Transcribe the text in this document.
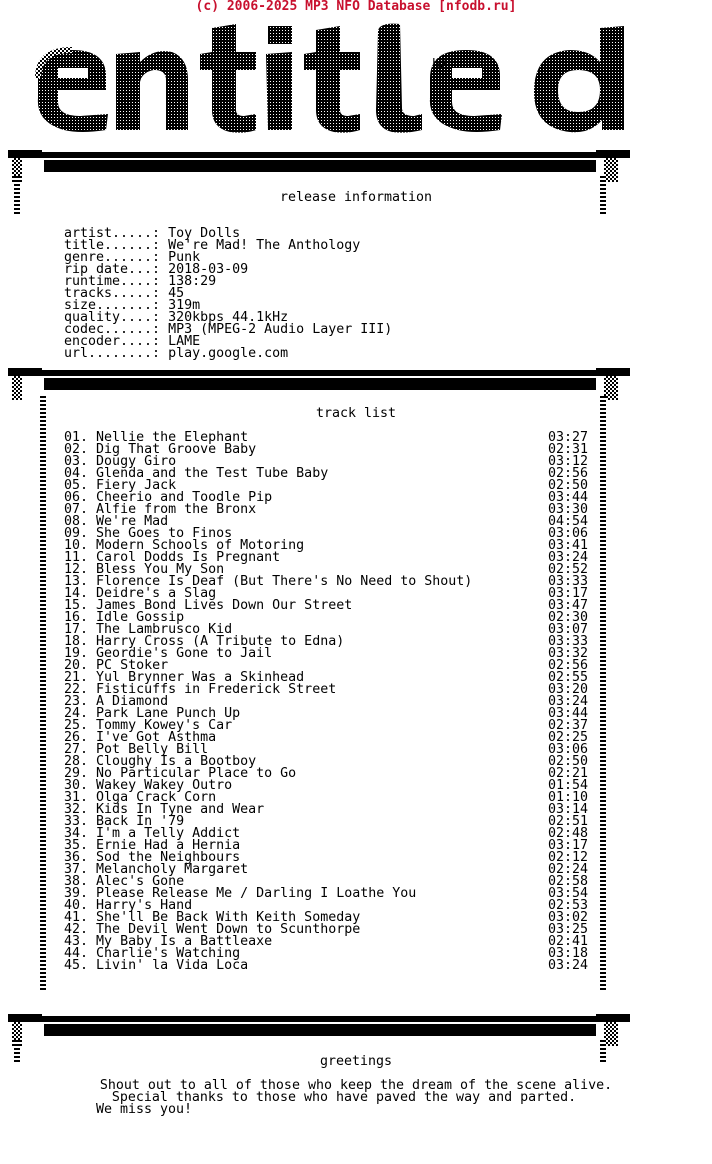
(c) 2006-2025 MP3 NFO Database [nfodb.ru]
hX!
release information
artist.....: Toy Dolls
title......: We're Mad! The Anthology
genre......: Punk
rip date...: 2018-03-09
runtime....: 138:29
tracks.....: 45
size.......: 319m
quality....: 320kbps 44.1kHz
codec......: MP3 (MPEG-2 Audio Layer III)
encoder....: LAME
url........: play.google.com
track list
01. Nellie the Elephant	03:27
02. Dig That Groove Baby	02:31
03. Dougy Giro	03:12
04. Glenda and the Test Tube Baby	02:56
05. Fiery Jack	02:50
06. Cheerio and Toodle Pip	03:44
07. Alfie from the Bronx	03:30
08. We're Mad	04:54
09. She Goes to Finos	03:06
10. Modern Schools of Motoring	03:41
11. Carol Dodds Is Pregnant	03:24
12. Bless You My Son	02:52
13. Florence Is Deaf (But There's No Need to Shout)	03:33
14. Deidre's a Slag	03:17
15. James Bond Lives Down Our Street	03:47
16. Idle Gossip	02:30
17. The Lambrusco Kid	03:07
18. Harry Cross (A Tribute to Edna)	03:33
19. Geordie's Gone to Jail	03:32
20. PC Stoker	02:56
21. Yul Brynner Was a Skinhead	02:55
22. Fisticuffs in Frederick Street	03:20
23. A Diamond	03:24
24. Park Lane Punch Up	03:44
25. Tommy Kowey's Car	02:37
26. I've Got Asthma	02:25
27. Pot Belly Bill	03:06
28. Cloughy Is a Bootboy	02:50
29. No Particular Place to Go	02:21
30. Wakey Wakey Outro	01:54
31. Olga Crack Corn	01:10
32. Kids In Tyne and Wear	03:14
33. Back In '79	02:51
34. I'm a Telly Addict	02:48
35. Ernie Had a Hernia	03:17
36. Sod the Neighbours	02:12
37. Melancholy Margaret	02:24
38. Alec's Gone	02:58
39. Please Release Me / Darling I Loathe You	03:54
40. Harry's Hand	02:53
41. She'll Be Back With Keith Someday	03:02
42. The Devil Went Down to Scunthorpe	03:25
43. My Baby Is a Battleaxe	02:41
44. Charlie's Watching	03:18
45. Livin' la Vida Loca	03:24
greetings
Shout out to all of those who keep the dream of the scene alive.
Special thanks to those who have paved the way and parted.
We miss you!
